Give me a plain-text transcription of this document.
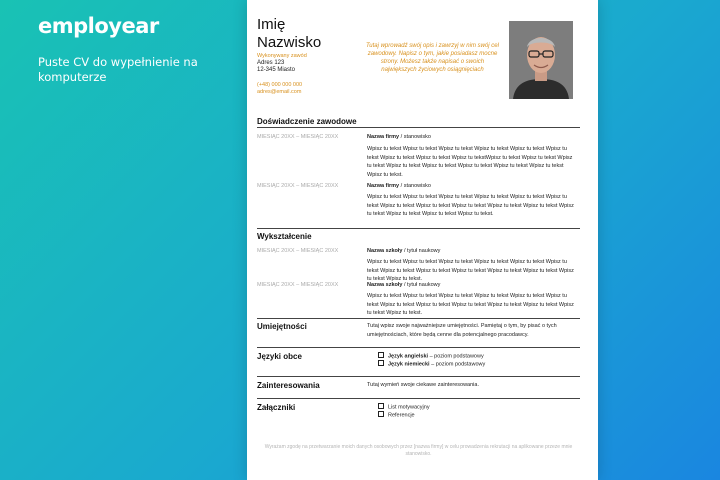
employear
Puste CV do wypełnienie na komputerze
Imię
Nazwisko
Wykonywany zawód
Adres 123
12-345 Miasto
(+48) 000 000 000
adres@email.com
Tutaj wprowadź swój opis i zawrzyj w nim swój cel zawodowy. Napisz o tym, jakie posiadasz mocne strony. Możesz także napisać o swoich największych życiowych osiągnięciach
Doświadczenie zawodowe
MIESIĄC 20XX – MIESIĄC 20XX	Nazwa firmy / stanowisko
Wpisz tu tekst Wpisz tu tekst Wpisz tu tekst Wpisz tu tekst Wpisz tu tekst Wpisz tu tekst Wpisz tu tekst Wpisz tu tekst Wpisz tu tekstWpisz tu tekst Wpisz tu tekst Wpisz tu tekst Wpisz tu tekst Wpisz tu tekst Wpisz tu tekst Wpisz tu tekst Wpisz tu tekst Wpisz tu tekst.
MIESIĄC 20XX – MIESIĄC 20XX	Nazwa firmy / stanowisko
Wpisz tu tekst Wpisz tu tekst Wpisz tu tekst Wpisz tu tekst Wpisz tu tekst Wpisz tu tekst Wpisz tu tekst Wpisz tu tekst Wpisz tu tekst Wpisz tu tekst Wpisz tu tekst Wpisz tu tekst Wpisz tu tekst Wpisz tu tekst Wpisz tu tekst.
Wykształcenie
MIESIĄC 20XX – MIESIĄC 20XX	Nazwa szkoły / tytuł naukowy
Wpisz tu tekst Wpisz tu tekst Wpisz tu tekst Wpisz tu tekst Wpisz tu tekst Wpisz tu tekst Wpisz tu tekst Wpisz tu tekst Wpisz tu tekst Wpisz tu tekst Wpisz tu tekst Wpisz tu tekst Wpisz tu tekst.
MIESIĄC 20XX – MIESIĄC 20XX	Nazwa szkoły / tytuł naukowy
Wpisz tu tekst Wpisz tu tekst Wpisz tu tekst Wpisz tu tekst Wpisz tu tekst Wpisz tu tekst Wpisz tu tekst Wpisz tu tekst Wpisz tu tekst Wpisz tu tekst Wpisz tu tekst Wpisz tu tekst Wpisz tu tekst.
Umiejętności	Tutaj wpisz swoje najważniejsze umiejętności. Pamiętaj o tym, by pisać o tych umiejętnościach, które będą cenne dla potencjalnego pracodawcy.
Języki obce	Język angielski – poziom podstawowy
Język niemiecki – poziom podstawowy
Zainteresowania	Tutaj wymień swoje ciekawe zainteresowania.
Załączniki	List motywacyjny
Referencje
Wyrażam zgodę na przetwarzanie moich danych osobowych przez [nazwa firmy] w celu prowadzenia rekrutacji na aplikowane przeze mnie stanowisko.
